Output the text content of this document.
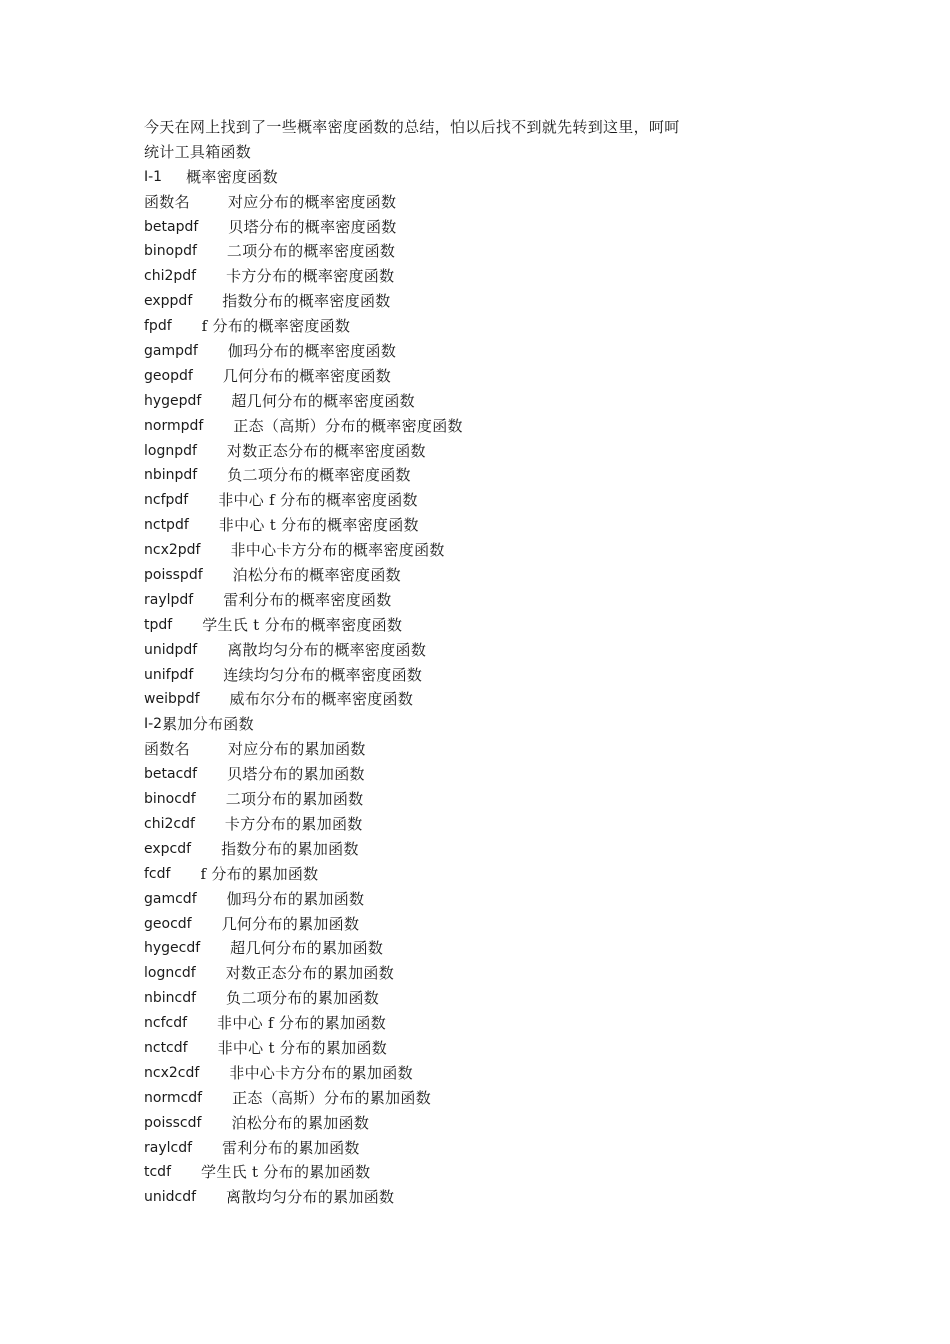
今天在网上找到了一些概率密度函数的总结，怕以后找不到就先转到这里，呵呵
统计工具箱函数
Ⅰ-1 概率密度函数
函数名	对应分布的概率密度函数
betapdf 贝塔分布的概率密度函数
binopdf 二项分布的概率密度函数
chi2pdf 卡方分布的概率密度函数
exppdf 指数分布的概率密度函数
fpdf f 分布的概率密度函数
gampdf 伽玛分布的概率密度函数
geopdf 几何分布的概率密度函数
hygepdf 超几何分布的概率密度函数
normpdf 正态（高斯）分布的概率密度函数
lognpdf 对数正态分布的概率密度函数
nbinpdf 负二项分布的概率密度函数
ncfpdf 非中心 f 分布的概率密度函数
nctpdf 非中心 t 分布的概率密度函数
ncx2pdf 非中心卡方分布的概率密度函数
poisspdf 泊松分布的概率密度函数
raylpdf 雷利分布的概率密度函数
tpdf 学生氏 t 分布的概率密度函数
unidpdf 离散均匀分布的概率密度函数
unifpdf 连续均匀分布的概率密度函数
weibpdf 威布尔分布的概率密度函数
Ⅰ-2 累加分布函数
函数名	对应分布的累加函数
betacdf 贝塔分布的累加函数
binocdf 二项分布的累加函数
chi2cdf 卡方分布的累加函数
expcdf 指数分布的累加函数
fcdf f 分布的累加函数
gamcdf 伽玛分布的累加函数
geocdf 几何分布的累加函数
hygecdf 超几何分布的累加函数
logncdf 对数正态分布的累加函数
nbincdf 负二项分布的累加函数
ncfcdf 非中心 f 分布的累加函数
nctcdf 非中心 t 分布的累加函数
ncx2cdf 非中心卡方分布的累加函数
normcdf 正态（高斯）分布的累加函数
poisscdf 泊松分布的累加函数
raylcdf 雷利分布的累加函数
tcdf 学生氏 t 分布的累加函数
unidcdf 离散均匀分布的累加函数
